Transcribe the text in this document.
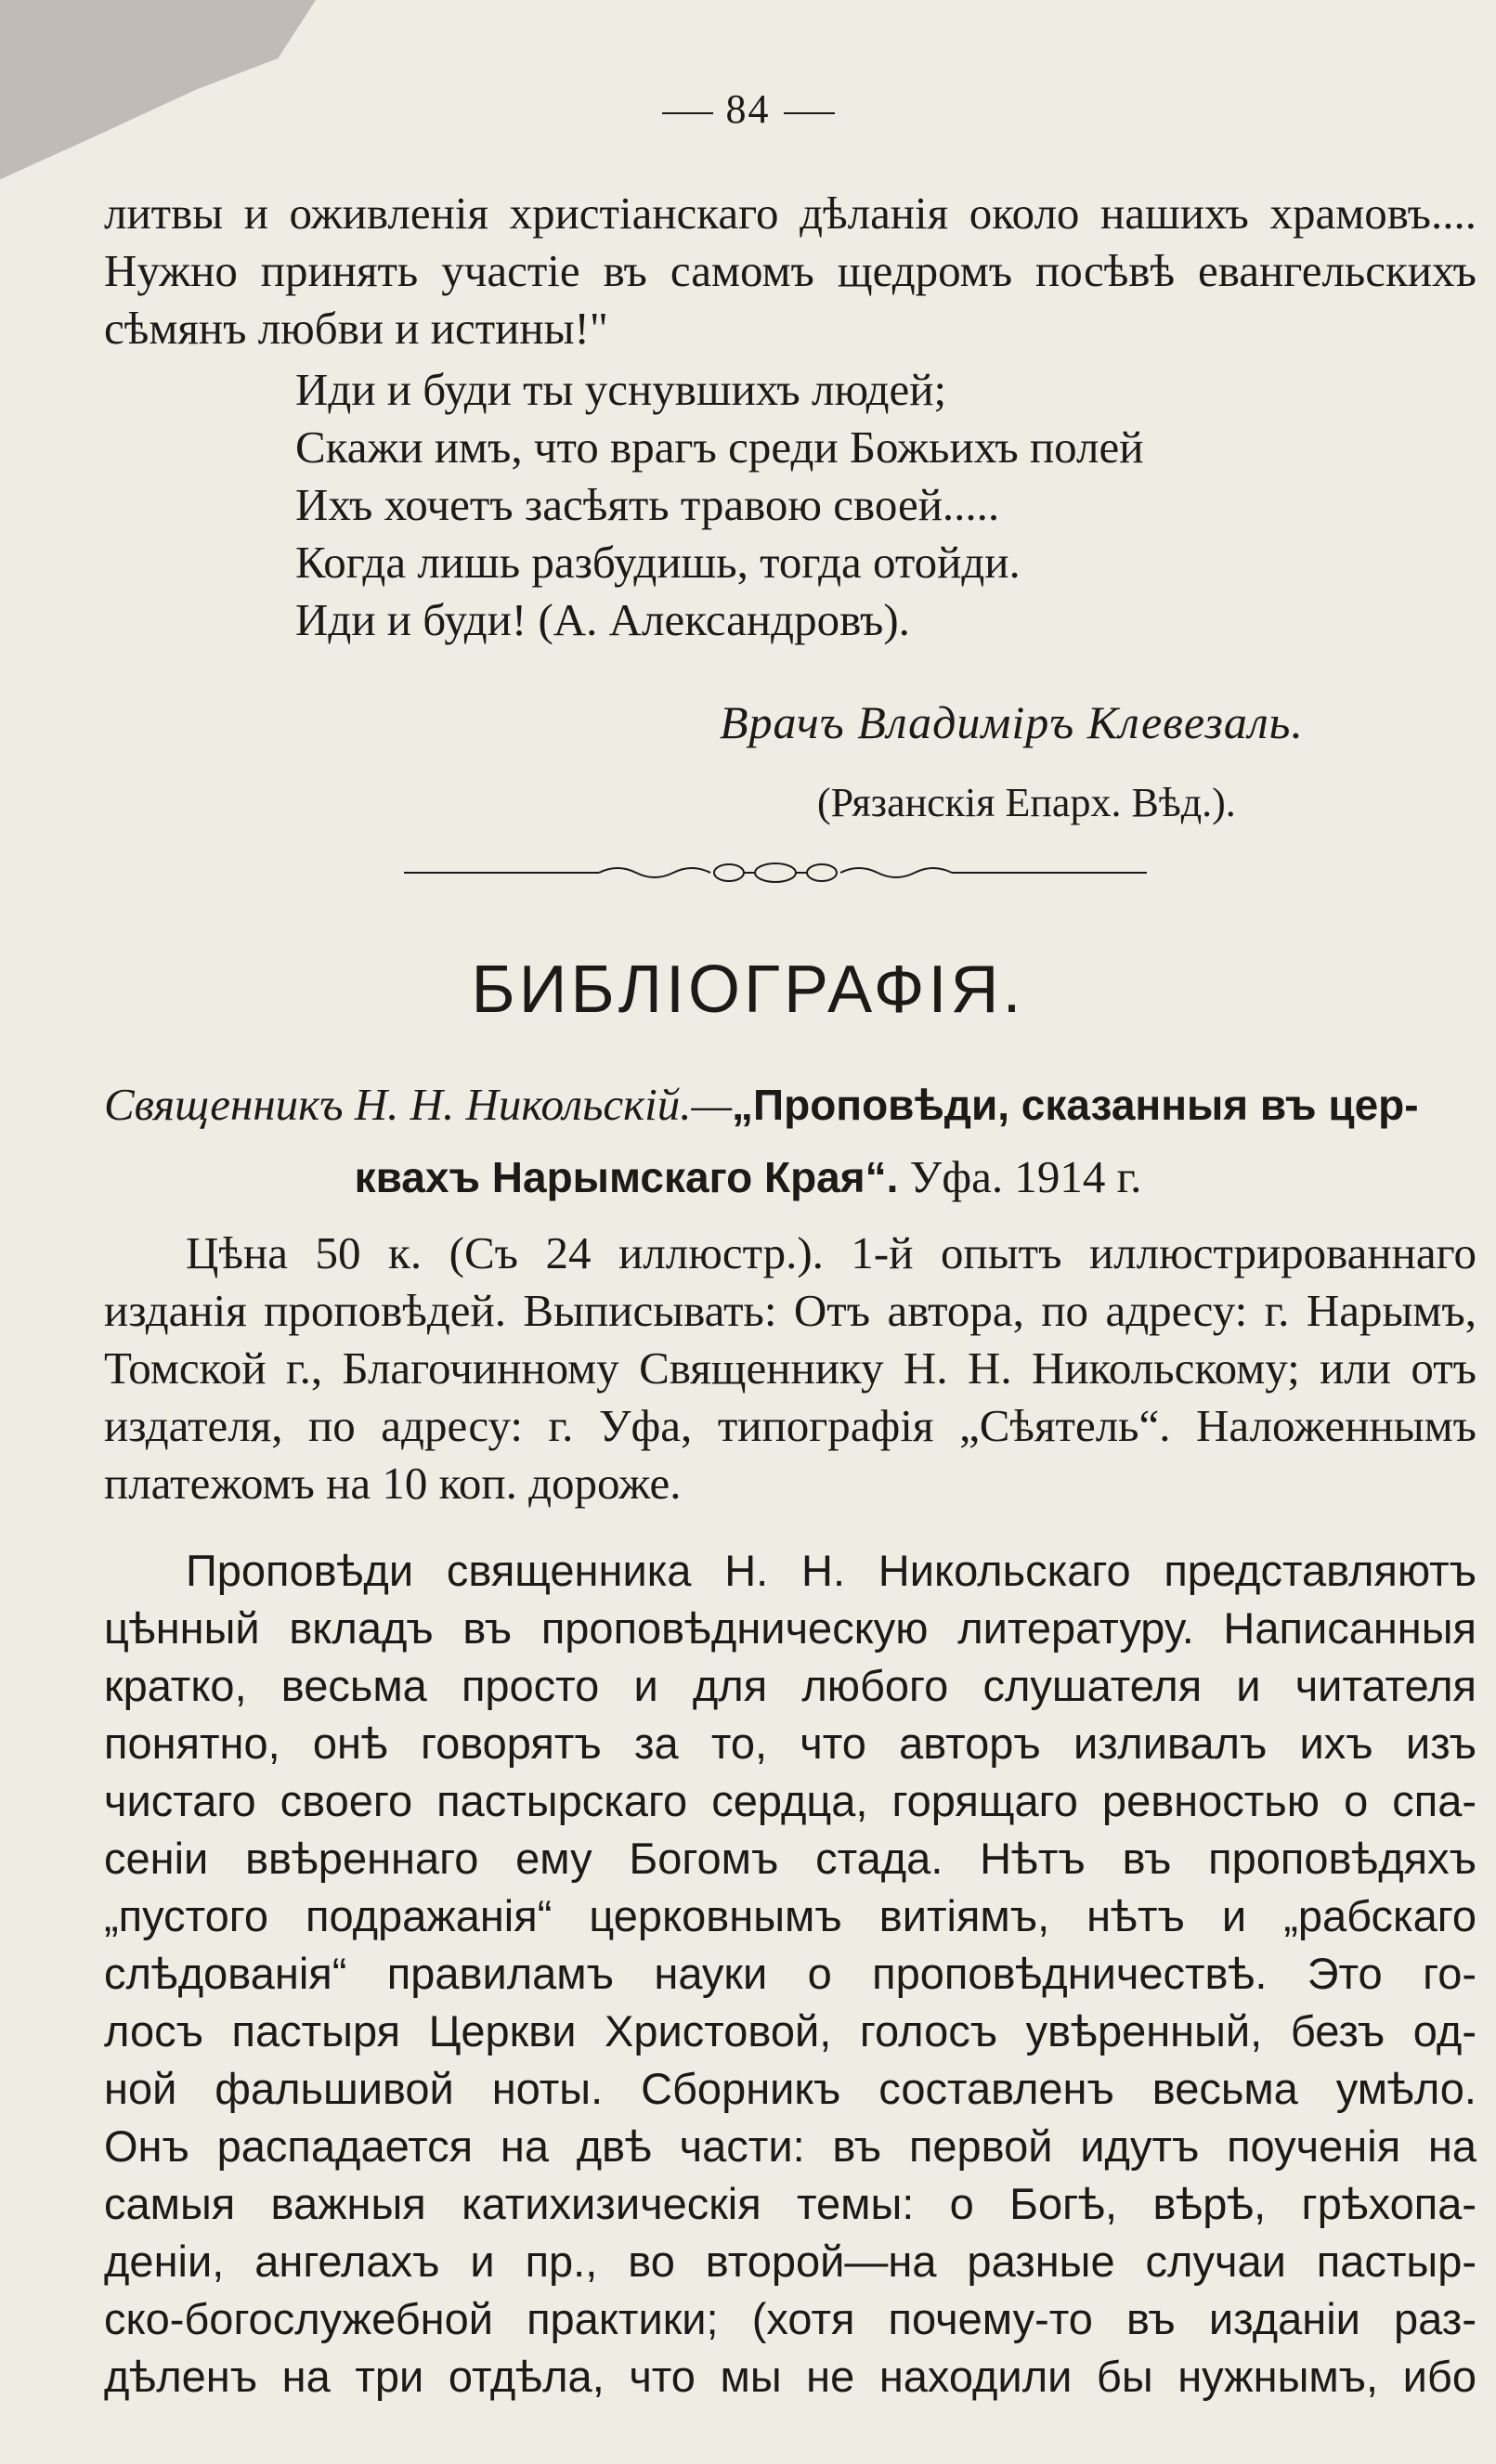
84
литвы и оживленія христіанскаго дѣланія около нашихъ храмовъ....
Нужно принять участіе въ самомъ щедромъ посѣвѣ евангельскихъ
сѣмянъ любви и истины!"
Иди и буди ты уснувшихъ людей;
Скажи имъ, что врагъ среди Божьихъ полей
Ихъ хочетъ засѣять травою своей.....
Когда лишь разбудишь, тогда отойди.
Иди и буди! (А. Александровъ).
Врачъ Владиміръ Клевезаль.
(Рязанскія Епарх. Вѣд.).
БИБЛІОГРАФІЯ.
Священникъ Н. Н. Никольскій.—„Проповѣди, сказанныя въ цер-
квахъ Нарымскаго Края“. Уфа. 1914 г.
Цѣна 50 к. (Съ 24 иллюстр.). 1-й опытъ иллюстрированнаго
изданія проповѣдей. Выписывать: Отъ автора, по адресу: г. Нарымъ,
Томской г., Благочинному Священнику Н. Н. Никольскому; или отъ
издателя, по адресу: г. Уфа, типографія „Сѣятель“. Наложеннымъ
платежомъ на 10 коп. дороже.
Проповѣди священника Н. Н. Никольскаго представляютъ
цѣнный вкладъ въ проповѣдническую литературу. Написанныя
кратко, весьма просто и для любого слушателя и читателя
понятно, онѣ говорятъ за то, что авторъ изливалъ ихъ изъ
чистаго своего пастырскаго сердца, горящаго ревностью о спа-
сеніи ввѣреннаго ему Богомъ стада. Нѣтъ въ проповѣдяхъ
„пустого подражанія“ церковнымъ витіямъ, нѣтъ и „рабскаго
слѣдованія“ правиламъ науки о проповѣдничествѣ. Это го-
лосъ пастыря Церкви Христовой, голосъ увѣренный, безъ од-
ной фальшивой ноты. Сборникъ составленъ весьма умѣло.
Онъ распадается на двѣ части: въ первой идутъ поученія на
самыя важныя катихизическія темы: о Богѣ, вѣрѣ, грѣхопа-
деніи, ангелахъ и пр., во второй—на разные случаи пастыр-
ско-богослужебной практики; (хотя почему-то въ изданіи раз-
дѣленъ на три отдѣла, что мы не находили бы нужнымъ, ибо
